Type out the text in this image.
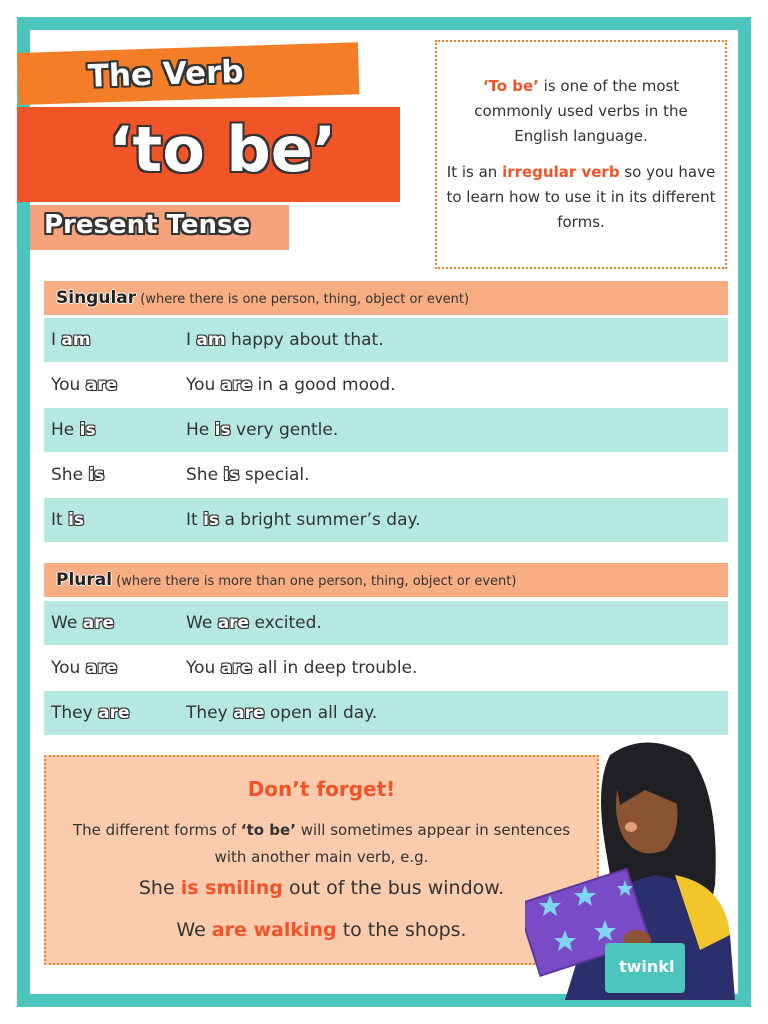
The Verb
‘to be’
Present Tense

‘To be’ is one of the most commonly used verbs in the English language.

It is an irregular verb so you have to learn how to use it in its different forms.

Singular (where there is one person, thing, object or event)
I am	I am happy about that.
You are	You are in a good mood.
He is	He is very gentle.
She is	She is special.
It is	It is a bright summer’s day.
Plural (where there is more than one person, thing, object or event)
We are	We are excited.
You are	You are all in deep trouble.
They are	They are open all day.
Don’t forget!
The different forms of ‘to be’ will sometimes appear in sentences with another main verb, e.g.
She is smiling out of the bus window.
We are walking to the shops.
twinkl
